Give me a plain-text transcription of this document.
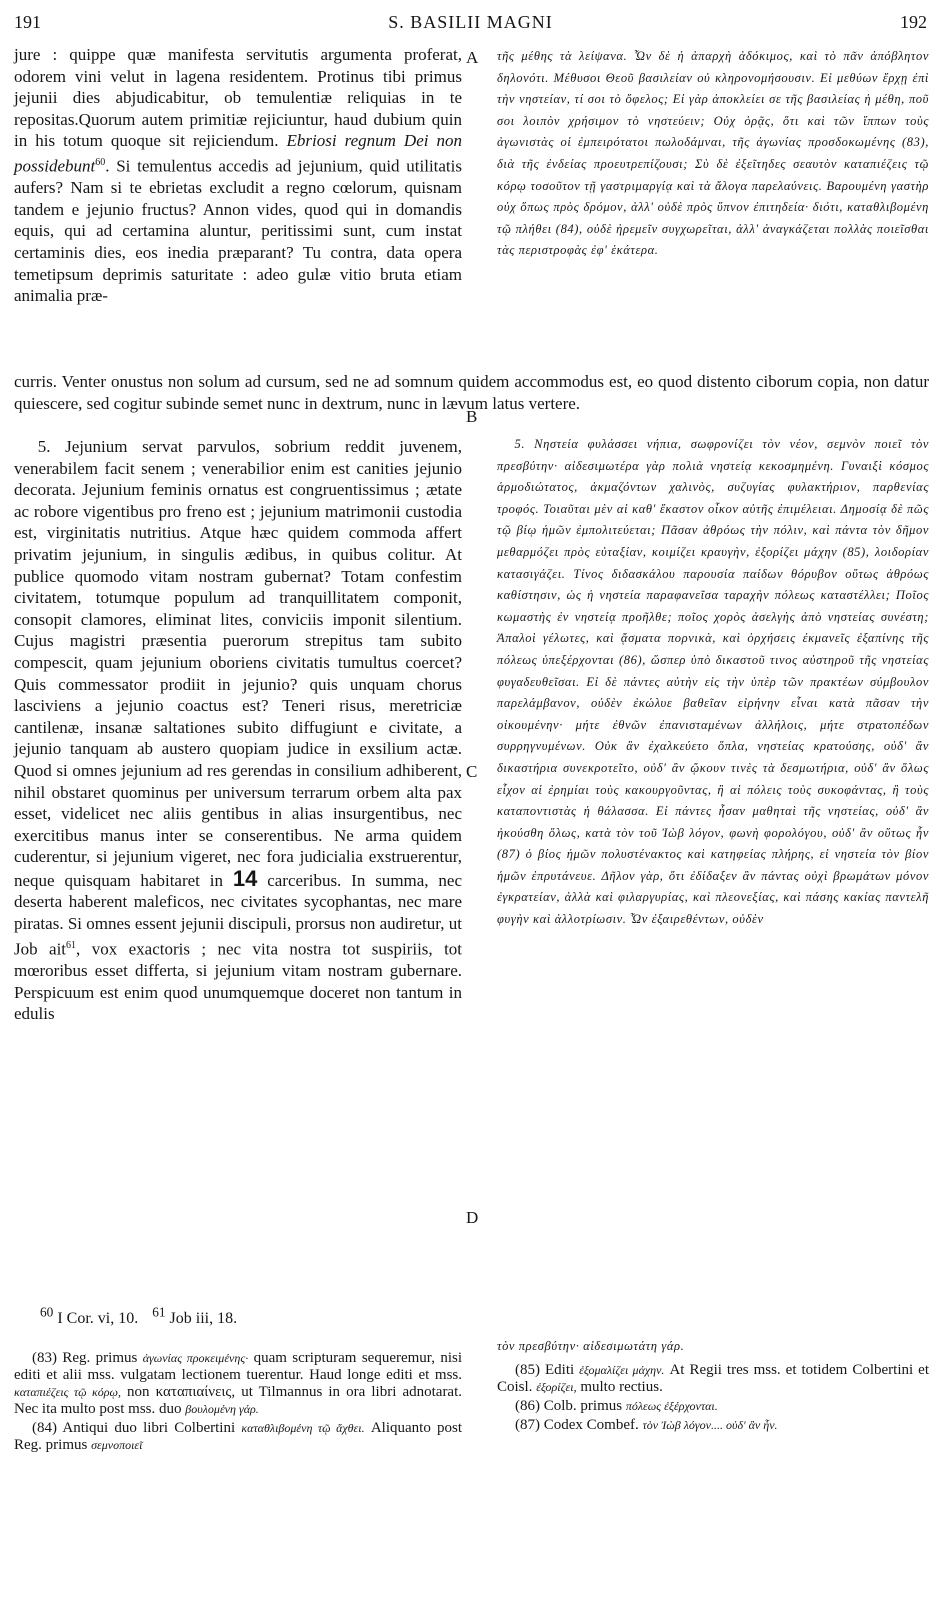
191	S. BASILII MAGNI	192
A
B
C
D

jure : quippe quæ manifesta servitutis argumenta proferat, odorem vini velut in lagena residentem. Protinus tibi primus jejunii dies abjudicabitur, ob temulentiæ reliquias in te repositas.Quorum autem primitiæ rejiciuntur, haud dubium quin in his totum quoque sit rejiciendum. Ebriosi regnum Dei non possidebunt$^{60}$. Si temulentus accedis ad jejunium, quid utilitatis aufers? Nam si te ebrietas excludit a regno cœlorum, quisnam tandem e jejunio fructus? Annon vides, quod qui in domandis equis, qui ad certamina aluntur, peritissimi sunt, cum instat certaminis dies, eos inedia præparant? Tu contra, data opera temetipsum deprimis saturitate : adeo gulæ vitio bruta etiam animalia præ-

τῆς μέθης τὰ λείψανα. Ὧν δὲ ἡ ἀπαρχὴ ἀδόκιμος, καὶ τὸ πᾶν ἀπόβλητον δηλονότι. Μέθυσοι Θεοῦ βασιλείαν οὐ κληρονομήσουσιν. Εἰ μεθύων ἔρχῃ ἐπὶ τὴν νηστείαν, τί σοι τὸ ὄφελος; Εἰ γὰρ ἀποκλείει σε τῆς βασιλείας ἡ μέθη, ποῦ σοι λοιπὸν χρήσιμον τὸ νηστεύειν; Οὐχ ὁρᾷς, ὅτι καὶ τῶν ἵππων τοὺς ἀγωνιστὰς οἱ ἐμπειρότατοι πωλοδάμναι, τῆς ἀγωνίας προσδοκωμένης (83), διὰ τῆς ἐνδείας προευτρεπίζουσι; Σὺ δὲ ἐξεῖτηδες σεαυτὸν καταπιέζεις τῷ κόρῳ τοσοῦτον τῇ γαστριμαργίᾳ καὶ τὰ ἄλογα παρελαύνεις. Βαρουμένη γαστὴρ οὐχ ὅπως πρὸς δρόμον, ἀλλ' οὐδὲ πρὸς ὕπνον ἐπιτηδεία· διότι, καταθλιβομένη τῷ πλήθει (84), οὐδὲ ἠρεμεῖν συγχωρεῖται, ἀλλ' ἀναγκάζεται πολλὰς ποιεῖσθαι τὰς περιστροφὰς ἐφ' ἑκάτερα.

curris. Venter onustus non solum ad cursum, sed ne ad somnum quidem accommodus est, eo quod distento ciborum copia, non datur quiescere, sed cogitur subinde semet nunc in dextrum, nunc in lævum latus vertere.

5. Jejunium servat parvulos, sobrium reddit juvenem, venerabilem facit senem ; venerabilior enim est canities jejunio decorata. Jejunium feminis ornatus est congruentissimus ; ætate ac robore vigentibus pro freno est ; jejunium matrimonii custodia est, virginitatis nutritius. Atque hæc quidem commoda affert privatim jejunium, in singulis ædibus, in quibus colitur. At publice quomodo vitam nostram gubernat? Totam confestim civitatem, totumque populum ad tranquillitatem componit, consopit clamores, eliminat lites, conviciis imponit silentium. Cujus magistri præsentia puerorum strepitus tam subito compescit, quam jejunium oboriens civitatis tumultus coercet? Quis commessator prodiit in jejunio? quis unquam chorus lasciviens a jejunio coactus est? Teneri risus, meretriciæ cantilenæ, insanæ saltationes subito diffugiunt e civitate, a jejunio tanquam ab austero quopiam judice in exsilium actæ. Quod si omnes jejunium ad res gerendas in consilium adhiberent, nihil obstaret quominus per universum terrarum orbem alta pax esset, videlicet nec aliis gentibus in alias insurgentibus, nec exercitibus manus inter se conserentibus. Ne arma quidem cuderentur, si jejunium vigeret, nec fora judicialia exstruerentur, neque quisquam habitaret in 14 carceribus. In summa, nec deserta haberent maleficos, nec civitates sycophantas, nec mare piratas. Si omnes essent jejunii discipuli, prorsus non audiretur, ut Job ait$^{61}$, vox exactoris ; nec vita nostra tot suspiriis, tot mœroribus esset differta, si jejunium vitam nostram gubernare. Perspicuum est enim quod unumquemque doceret non tantum in edulis

5. Νηστεία φυλάσσει νήπια, σωφρονίζει τὸν νέον, σεμνὸν ποιεῖ τὸν πρεσβύτην· αἰδεσιμωτέρα γὰρ πολιὰ νηστείᾳ κεκοσμημένη. Γυναιξὶ κόσμος ἁρμοδιώτατος, ἀκμαζόντων χαλινὸς, συζυγίας φυλακτήριον, παρθενίας τροφός. Τοιαῦται μὲν αἱ καθ' ἕκαστον οἶκον αὐτῆς ἐπιμέλειαι. Δημοσίᾳ δὲ πῶς τῷ βίῳ ἡμῶν ἐμπολιτεύεται; Πᾶσαν ἀθρόως τὴν πόλιν, καὶ πάντα τὸν δῆμον μεθαρμόζει πρὸς εὐταξίαν, κοιμίζει κραυγὴν, ἐξορίζει μάχην (85), λοιδορίαν κατασιγάζει. Τίνος διδασκάλου παρουσία παίδων θόρυβον οὕτως ἀθρόως καθίστησιν, ὡς ἡ νηστεία παραφανεῖσα ταραχὴν πόλεως καταστέλλει; Ποῖος κωμαστὴς ἐν νηστείᾳ προῆλθε; ποῖος χορὸς ἀσελγὴς ἀπὸ νηστείας συνέστη; Ἁπαλοὶ γέλωτες, καὶ ᾄσματα πορνικὰ, καὶ ὀρχήσεις ἐκμανεῖς ἐξαπίνης τῆς πόλεως ὑπεξέρχονται (86), ὥσπερ ὑπὸ δικαστοῦ τινος αὐστηροῦ τῆς νηστείας φυγαδευθεῖσαι. Εἰ δὲ πάντες αὐτὴν εἰς τὴν ὑπὲρ τῶν πρακτέων σύμβουλον παρελάμβανον, οὐδὲν ἐκώλυε βαθεῖαν εἰρήνην εἶναι κατὰ πᾶσαν τὴν οἰκουμένην· μήτε ἐθνῶν ἐπανισταμένων ἀλλήλοις, μήτε στρατοπέδων συρρηγνυμένων. Οὐκ ἂν ἐχαλκεύετο ὅπλα, νηστείας κρατούσης, οὐδ' ἂν δικαστήρια συνεκροτεῖτο, οὐδ' ἂν ᾤκουν τινὲς τὰ δεσμωτήρια, οὐδ' ἂν ὅλως εἶχον αἱ ἐρημίαι τοὺς κακουργοῦντας, ἢ αἱ πόλεις τοὺς συκοφάντας, ἢ τοὺς καταποντιστὰς ἡ θάλασσα. Εἰ πάντες ἦσαν μαθηταὶ τῆς νηστείας, οὐδ' ἂν ἠκούσθη ὅλως, κατὰ τὸν τοῦ Ἰὼβ λόγον, φωνὴ φορολόγου, οὐδ' ἂν οὕτως ἦν (87) ὁ βίος ἡμῶν πολυστένακτος καὶ κατηφείας πλήρης, εἰ νηστεία τὸν βίον ἡμῶν ἐπρυτάνευε. Δῆλον γὰρ, ὅτι ἐδίδαξεν ἂν πάντας οὐχὶ βρωμάτων μόνον ἐγκρατείαν, ἀλλὰ καὶ φιλαργυρίας, καὶ πλεονεξίας, καὶ πάσης κακίας παντελῆ φυγὴν καὶ ἀλλοτρίωσιν. Ὧν ἐξαιρεθέντων, οὐδὲν

$^{60}$ I Cor. vi, 10. $^{61}$ Job iii, 18.
τὸν πρεσβύτην· αἰδεσιμωτάτη γάρ.

(83) Reg. primus ἀγωνίας προκειμένης· quam scripturam sequeremur, nisi editi et alii mss. vulgatam lectionem tuerentur. Haud longe editi et mss. καταπιέζεις τῷ κόρῳ, non καταπιαίνεις, ut Tilmannus in ora libri adnotarat. Nec ita multo post mss. duo βουλομένη γάρ.

(84) Antiqui duo libri Colbertini καταθλιβομένη τῷ ἄχθει. Aliquanto post Reg. primus σεμνοποιεῖ

(85) Editi ἐξομαλίζει μάχην. At Regii tres mss. et totidem Colbertini et Coisl. ἐξορίζει, multo rectius.

(86) Colb. primus πόλεως ἐξέρχονται.

(87) Codex Combef. τὸν Ἰὼβ λόγον.... οὐδ' ἂν ἦν.
